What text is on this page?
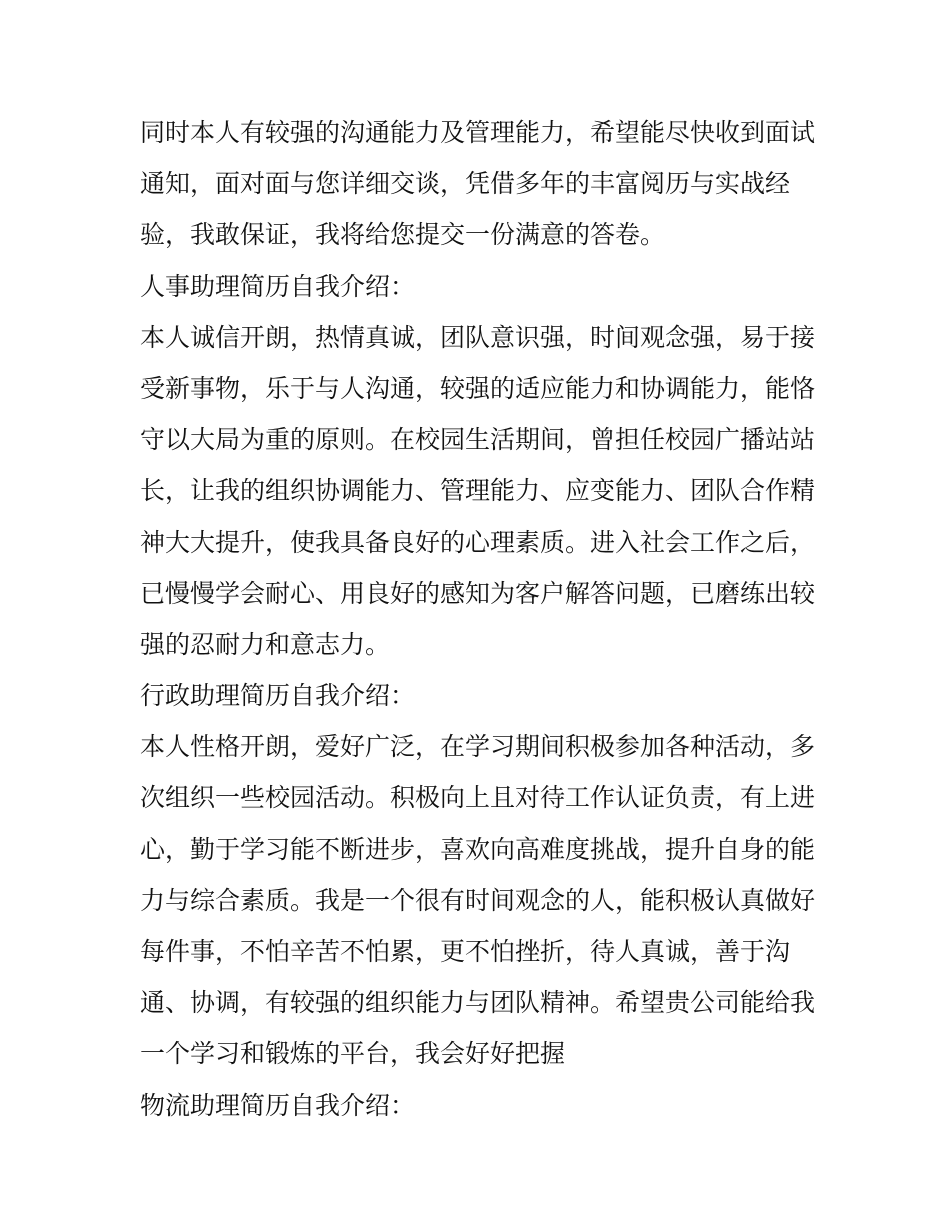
同时本人有较强的沟通能力及管理能力，希望能尽快收到面试
通知，面对面与您详细交谈，凭借多年的丰富阅历与实战经
验，我敢保证，我将给您提交一份满意的答卷。
人事助理简历自我介绍：
本人诚信开朗，热情真诚，团队意识强，时间观念强，易于接
受新事物，乐于与人沟通，较强的适应能力和协调能力，能恪
守以大局为重的原则。在校园生活期间，曾担任校园广播站站
长，让我的组织协调能力、管理能力、应变能力、团队合作精
神大大提升，使我具备良好的心理素质。进入社会工作之后，
已慢慢学会耐心、用良好的感知为客户解答问题，已磨练出较
强的忍耐力和意志力。
行政助理简历自我介绍：
本人性格开朗，爱好广泛，在学习期间积极参加各种活动，多
次组织一些校园活动。积极向上且对待工作认证负责，有上进
心，勤于学习能不断进步，喜欢向高难度挑战，提升自身的能
力与综合素质。我是一个很有时间观念的人，能积极认真做好
每件事，不怕辛苦不怕累，更不怕挫折，待人真诚，善于沟
通、协调，有较强的组织能力与团队精神。希望贵公司能给我
一个学习和锻炼的平台，我会好好把握
物流助理简历自我介绍：
